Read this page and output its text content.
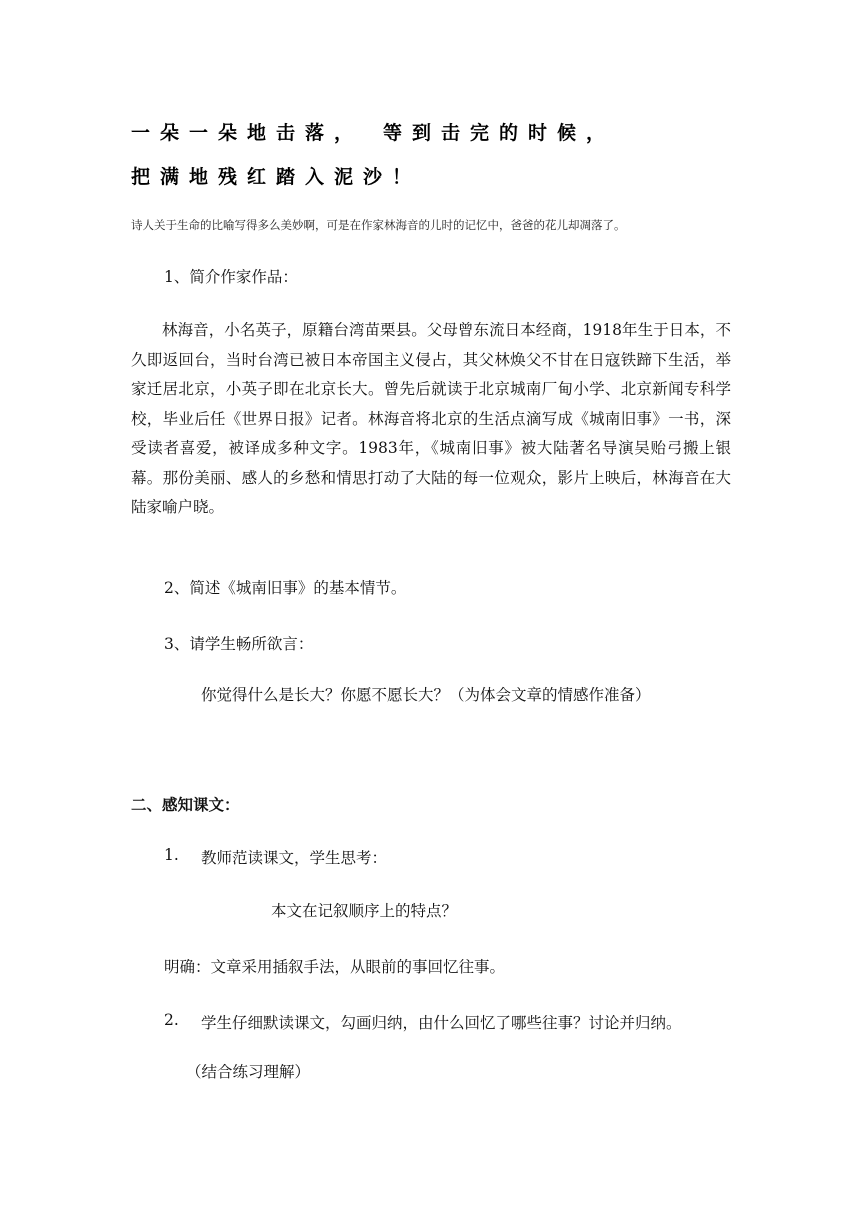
一朵一朵地击落， 等到击完的时候，
把满地残红踏入泥沙！
诗人关于生命的比喻写得多么美妙啊，可是在作家林海音的儿时的记忆中，爸爸的花儿却凋落了。
1、简介作家作品：
林海音，小名英子，原籍台湾苗栗县。父母曾东流日本经商，1918年生于日本，不久即返回台，当时台湾已被日本帝国主义侵占，其父林焕父不甘在日寇铁蹄下生活，举家迁居北京，小英子即在北京长大。曾先后就读于北京城南厂甸小学、北京新闻专科学校，毕业后任《世界日报》记者。林海音将北京的生活点滴写成《城南旧事》一书，深受读者喜爱，被译成多种文字。1983年，《城南旧事》被大陆著名导演吴贻弓搬上银幕。那份美丽、感人的乡愁和情思打动了大陆的每一位观众，影片上映后，林海音在大陆家喻户晓。
2、简述《城南旧事》的基本情节。
3、请学生畅所欲言：
你觉得什么是长大？你愿不愿长大？（为体会文章的情感作准备）
二、感知课文：
1. 教师范读课文，学生思考：
本文在记叙顺序上的特点？
明确：文章采用插叙手法，从眼前的事回忆往事。
2. 学生仔细默读课文，勾画归纳，由什么回忆了哪些往事？讨论并归纳。
（结合练习理解）
